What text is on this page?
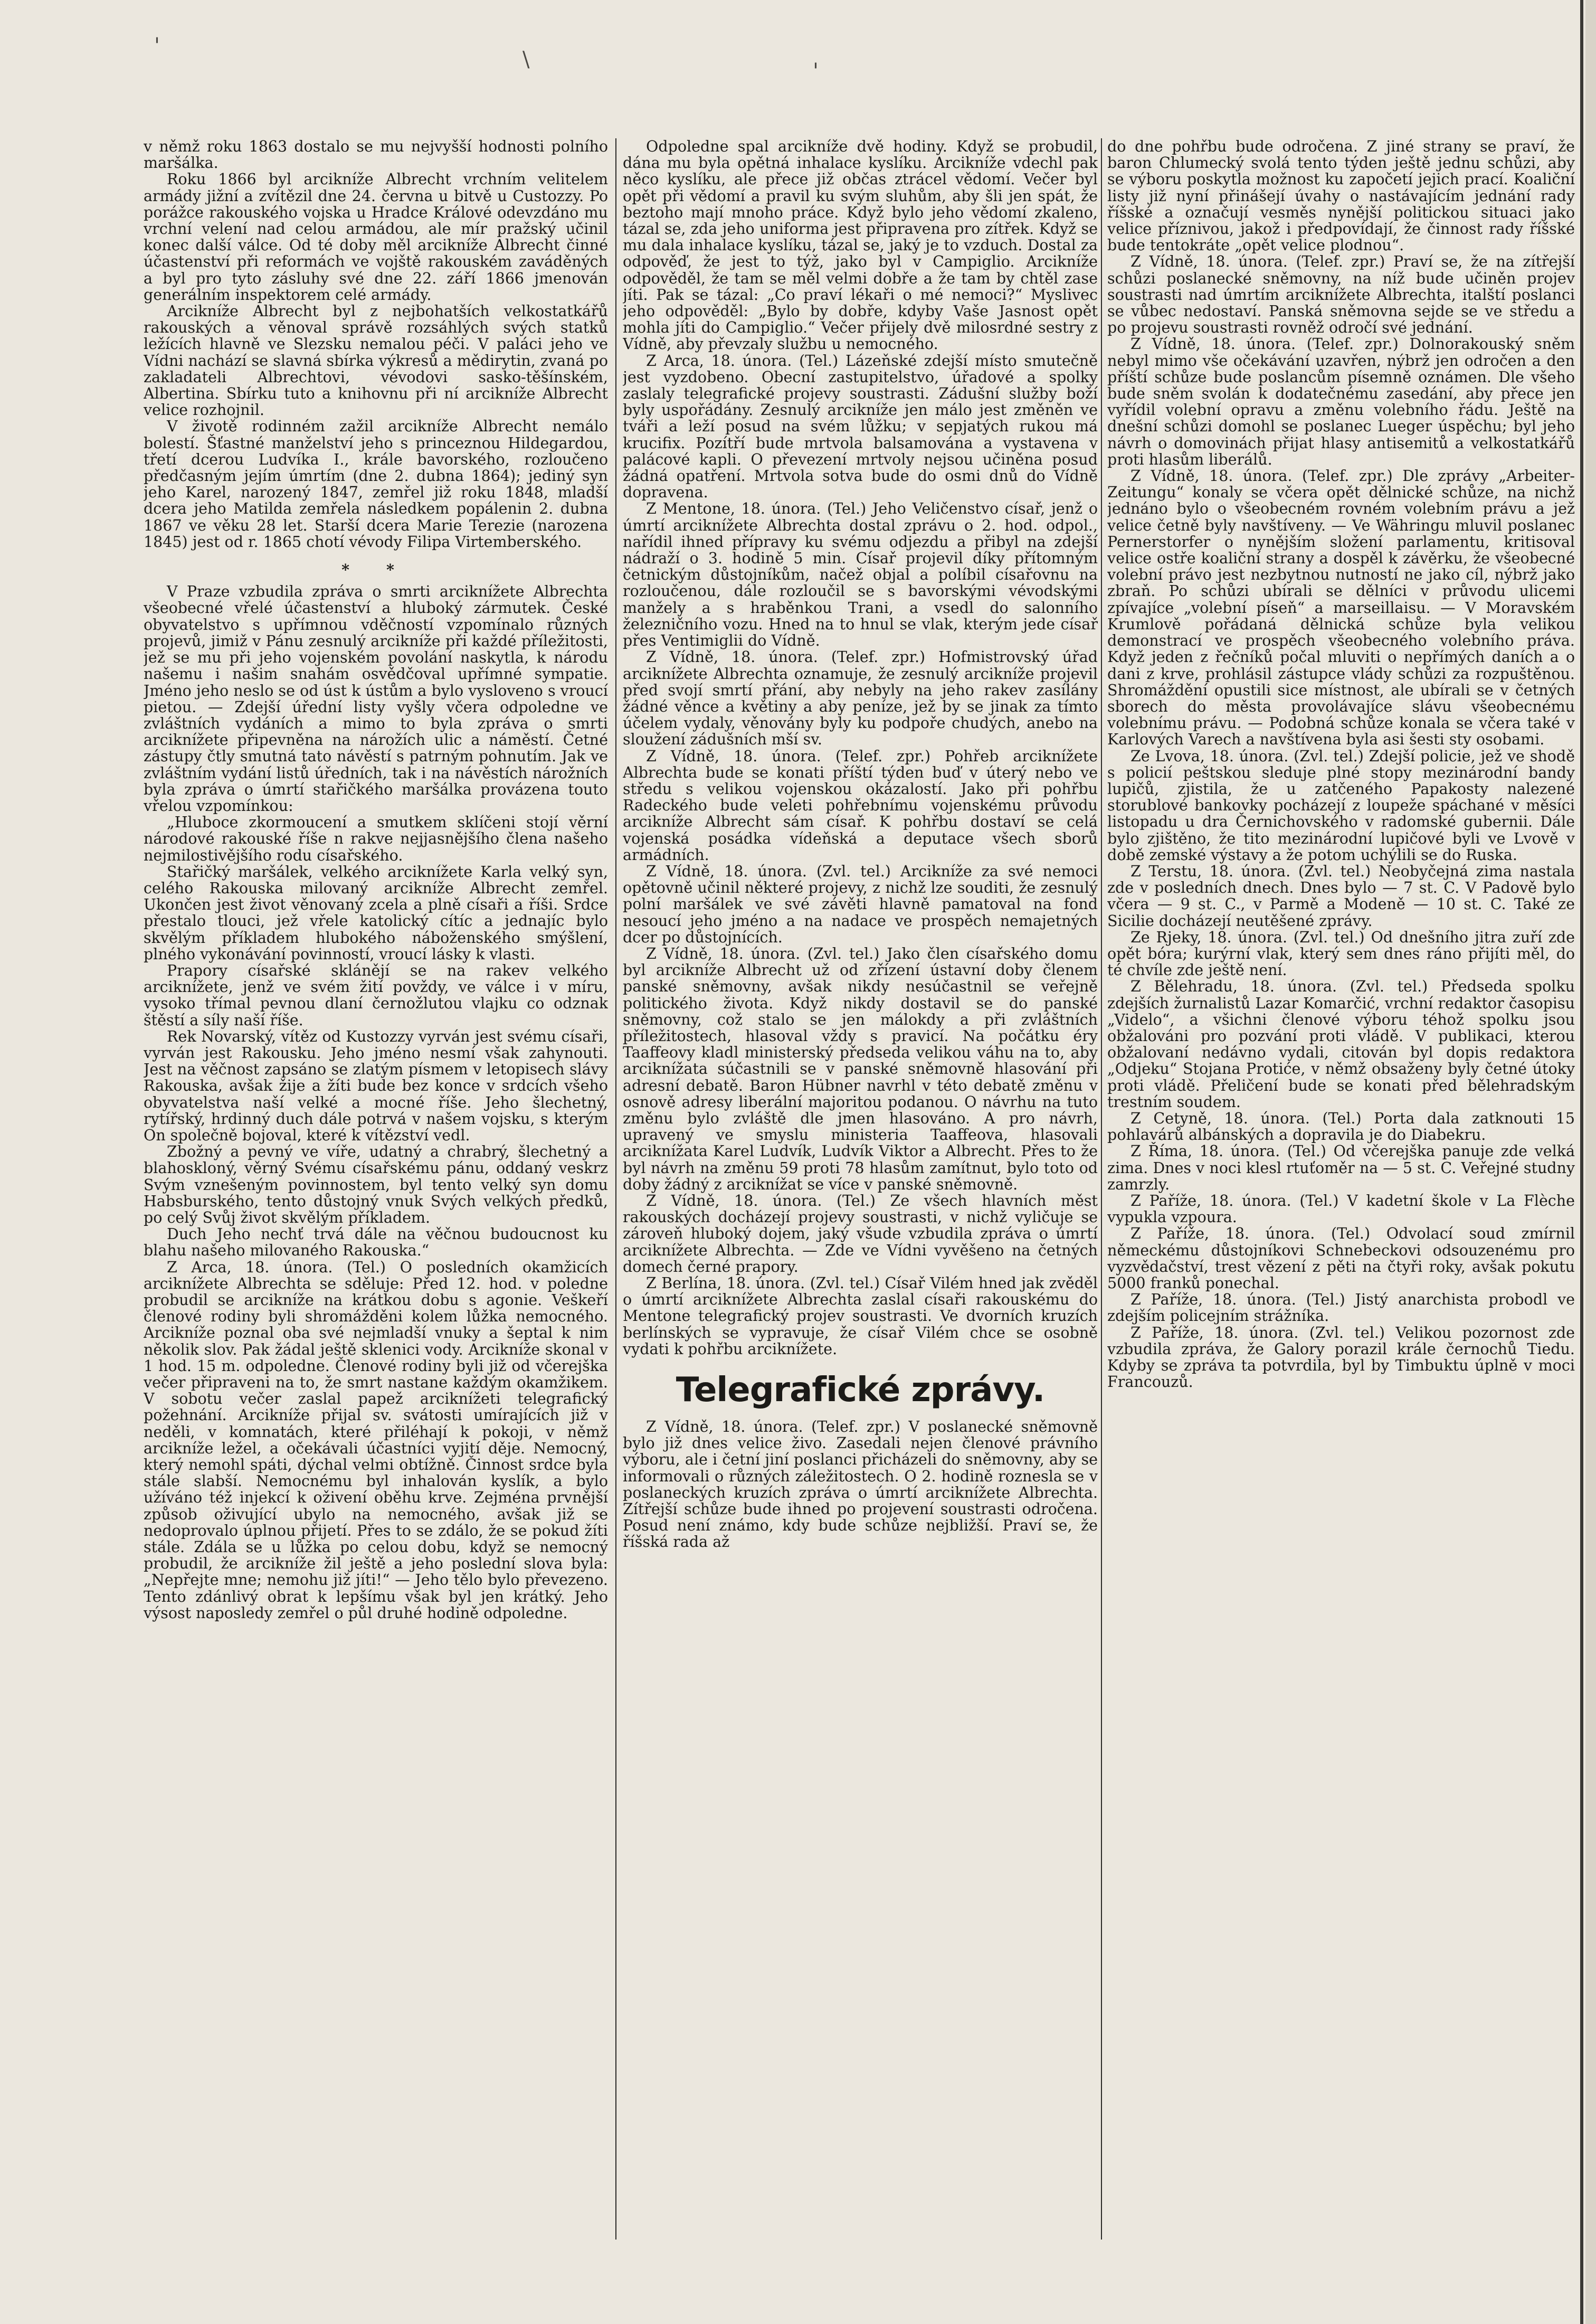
'
\	'

v němž roku 1863 dostalo se mu nejvyšší hodnosti polního maršálka.

Roku 1866 byl arcikníže Albrecht vrchním velitelem armády jižní a zvítězil dne 24. června u bitvě u Custozzy. Po porážce rakouského vojska u Hradce Králové odevzdáno mu vrchní velení nad celou armádou, ale mír pražský učinil konec další válce. Od té doby měl arcikníže Albrecht činné účastenství při reformách ve vojště rakouském zaváděných a byl pro tyto zásluhy své dne 22. září 1866 jmenován generálním inspektorem celé armády.

Arcikníže Albrecht byl z nejbohatších velkostatkářů rakouských a věnoval správě rozsáhlých svých statků ležících hlavně ve Slezsku nemalou péči. V paláci jeho ve Vídni nachází se slavná sbírka výkresů a mědirytin, zvaná po zakladateli Albrechtovi, vévodovi sasko-těšínském, Albertina. Sbírku tuto a knihovnu při ní arcikníže Albrecht velice rozhojnil.

V životě rodinném zažil arcikníže Albrecht nemálo bolestí. Šťastné manželství jeho s princeznou Hildegardou, třetí dcerou Ludvíka I., krále bavorského, rozloučeno předčasným jejím úmrtím (dne 2. dubna 1864); jediný syn jeho Karel, narozený 1847, zemřel již roku 1848, mladší dcera jeho Matilda zemřela následkem popálenin 2. dubna 1867 ve věku 28 let. Starší dcera Marie Terezie (narozena 1845) jest od r. 1865 chotí vévody Filipa Virtemberského.

* *

V Praze vzbudila zpráva o smrti arciknížete Albrechta všeobecné vřelé účastenství a hluboký zármutek. České obyvatelstvo s upřímnou vděčností vzpomínalo různých projevů, jimiž v Pánu zesnulý arcikníže při každé příležitosti, jež se mu při jeho vojenském povolání naskytla, k národu našemu i našim snahám osvědčoval upřímné sympatie. Jméno jeho neslo se od úst k ústům a bylo vysloveno s vroucí pietou. — Zdejší úřední listy vyšly včera odpoledne ve zvláštních vydáních a mimo to byla zpráva o smrti arciknížete připevněna na nárožích ulic a náměstí. Četné zástupy čtly smutná tato návěstí s patrným pohnutím. Jak ve zvláštním vydání listů úředních, tak i na návěstích nárožních byla zpráva o úmrtí stařičkého maršálka provázena touto vřelou vzpomínkou:

„Hluboce zkormoucení a smutkem sklíčeni stojí věrní národové rakouské říše n rakve nejjasnějšího člena našeho nejmilostivějšího rodu císařského.

Stařičký maršálek, velkého arciknížete Karla velký syn, celého Rakouska milovaný arcikníže Albrecht zemřel. Ukončen jest život věnovaný zcela a plně císaři a říši. Srdce přestalo tlouci, jež vřele katolický cítíc a jednajíc bylo skvělým příkladem hlubokého náboženského smýšlení, plného vykonávání povinností, vroucí lásky k vlasti.

Prapory císařské sklánějí se na rakev velkého arciknížete, jenž ve svém žití povždy, ve válce i v míru, vysoko třímal pevnou dlaní černožlutou vlajku co odznak štěstí a síly naší říše.

Rek Novarský, vítěz od Kustozzy vyrván jest svému císaři, vyrván jest Rakousku. Jeho jméno nesmí však zahynouti. Jest na věčnost zapsáno se zlatým písmem v letopisech slávy Rakouska, avšak žije a žíti bude bez konce v srdcích všeho obyvatelstva naší velké a mocné říše. Jeho šlechetný, rytířský, hrdinný duch dále potrvá v našem vojsku, s kterým On společně bojoval, které k vítězství vedl.

Zbožný a pevný ve víře, udatný a chrabrý, šlechetný a blahoskloný, věrný Svému císařskému pánu, oddaný veskrz Svým vznešeným povinnostem, byl tento velký syn domu Habsburského, tento důstojný vnuk Svých velkých předků, po celý Svůj život skvělým příkladem.

Duch Jeho nechť trvá dále na věčnou budoucnost ku blahu našeho milovaného Rakouska.“

Z Arca, 18. února. (Tel.) O posledních okamžicích arciknížete Albrechta se sděluje: Před 12. hod. v poledne probudil se arcikníže na krátkou dobu s agonie. Veškeří členové rodiny byli shromážděni kolem lůžka nemocného. Arcikníže poznal oba své nejmladší vnuky a šeptal k nim několik slov. Pak žádal ještě sklenici vody. Arcikníže skonal v 1 hod. 15 m. odpoledne. Členové rodiny byli již od včerejška večer připraveni na to, že smrt nastane každým okamžikem. V sobotu večer zaslal papež arciknížeti telegrafický požehnání. Arcikníže přijal sv. svátosti umírajících již v neděli, v komnatách, které přiléhají k pokoji, v němž arcikníže ležel, a očekávali účastníci vyjití děje. Nemocný, který nemohl spáti, dýchal velmi obtížně. Činnost srdce byla stále slabší. Nemocnému byl inhalován kyslík, a bylo užíváno též injekcí k oživení oběhu krve. Zejména prvnější způsob oživující ubylo na nemocného, avšak již se nedoprovalo úplnou přijetí. Přes to se zdálo, že se pokud žíti stále. Zdála se u lůžka po celou dobu, když se nemocný probudil, že arcikníže žil ještě a jeho poslední slova byla: „Nepřejte mne; nemohu již jíti!“ — Jeho tělo bylo převezeno. Tento zdánlivý obrat k lepšímu však byl jen krátký. Jeho výsost naposledy zemřel o půl druhé hodině odpoledne.

Odpoledne spal arcikníže dvě hodiny. Když se probudil, dána mu byla opětná inhalace kyslíku. Arcikníže vdechl pak něco kyslíku, ale přece již občas ztrácel vědomí. Večer byl opět při vědomí a pravil ku svým sluhům, aby šli jen spát, že beztoho mají mnoho práce. Když bylo jeho vědomí zkaleno, tázal se, zda jeho uniforma jest připravena pro zítřek. Když se mu dala inhalace kyslíku, tázal se, jaký je to vzduch. Dostal za odpověď, že jest to týž, jako byl v Campiglio. Arcikníže odpověděl, že tam se měl velmi dobře a že tam by chtěl zase jíti. Pak se tázal: „Co praví lékaři o mé nemoci?“ Myslivec jeho odpověděl: „Bylo by dobře, kdyby Vaše Jasnost opět mohla jíti do Campiglio.“ Večer přijely dvě milosrdné sestry z Vídně, aby převzaly službu u nemocného.

Z Arca, 18. února. (Tel.) Lázeňské zdejší místo smutečně jest vyzdobeno. Obecní zastupitelstvo, úřadové a spolky zaslaly telegrafické projevy soustrasti. Zádušní služby boží byly uspořádány. Zesnulý arcikníže jen málo jest změněn ve tváři a leží posud na svém lůžku; v sepjatých rukou má krucifix. Pozítří bude mrtvola balsamována a vystavena v palácové kapli. O převezení mrtvoly nejsou učiněna posud žádná opatření. Mrtvola sotva bude do osmi dnů do Vídně dopravena.

Z Mentone, 18. února. (Tel.) Jeho Veličenstvo císař, jenž o úmrtí arciknížete Albrechta dostal zprávu o 2. hod. odpol., nařídil ihned přípravy ku svému odjezdu a přibyl na zdejší nádraží o 3. hodině 5 min. Císař projevil díky přítomným četnickým důstojníkům, načež objal a políbil císařovnu na rozloučenou, dále rozloučil se s bavorskými vévodskými manžely a s hraběnkou Trani, a vsedl do salonního železničního vozu. Hned na to hnul se vlak, kterým jede císař přes Ventimiglii do Vídně.

Z Vídně, 18. února. (Telef. zpr.) Hofmistrovský úřad arciknížete Albrechta oznamuje, že zesnulý arcikníže projevil před svojí smrtí přání, aby nebyly na jeho rakev zasílány žádné věnce a květiny a aby peníze, jež by se jinak za tímto účelem vydaly, věnovány byly ku podpoře chudých, anebo na sloužení zádušních mší sv.

Z Vídně, 18. února. (Telef. zpr.) Pohřeb arciknížete Albrechta bude se konati příští týden buď v úterý nebo ve středu s velikou vojenskou okázalostí. Jako při pohřbu Radeckého bude veleti pohřebnímu vojenskému průvodu arcikníže Albrecht sám císař. K pohřbu dostaví se celá vojenská posádka vídeňská a deputace všech sborů armádních.

Z Vídně, 18. února. (Zvl. tel.) Arcikníže za své nemoci opětovně učinil některé projevy, z nichž lze souditi, že zesnulý polní maršálek ve své závěti hlavně pamatoval na fond nesoucí jeho jméno a na nadace ve prospěch nemajetných dcer po důstojnících.

Z Vídně, 18. února. (Zvl. tel.) Jako člen císařského domu byl arcikníže Albrecht už od zřízení ústavní doby členem panské sněmovny, avšak nikdy nesúčastnil se veřejně politického života. Když nikdy dostavil se do panské sněmovny, což stalo se jen málokdy a při zvláštních příležitostech, hlasoval vždy s pravicí. Na počátku éry Taaffeovy kladl ministerský předseda velikou váhu na to, aby arciknížata súčastnili se v panské sněmovně hlasování při adresní debatě. Baron Hübner navrhl v této debatě změnu v osnově adresy liberální majoritou podanou. O návrhu na tuto změnu bylo zvláště dle jmen hlasováno. A pro návrh, upravený ve smyslu ministeria Taaffeova, hlasovali arciknížata Karel Ludvík, Ludvík Viktor a Albrecht. Přes to že byl návrh na změnu 59 proti 78 hlasům zamítnut, bylo toto od doby žádný z arciknížat se více v panské sněmovně.

Z Vídně, 18. února. (Tel.) Ze všech hlavních měst rakouských docházejí projevy soustrasti, v nichž vyličuje se zároveň hluboký dojem, jaký všude vzbudila zpráva o úmrtí arciknížete Albrechta. — Zde ve Vídni vyvěšeno na četných domech černé prapory.

Z Berlína, 18. února. (Zvl. tel.) Císař Vilém hned jak zvěděl o úmrtí arciknížete Albrechta zaslal císaři rakouskému do Mentone telegrafický projev soustrasti. Ve dvorních kruzích berlínských se vypravuje, že císař Vilém chce se osobně vydati k pohřbu arciknížete.

Telegrafické zprávy.

Z Vídně, 18. února. (Telef. zpr.) V poslanecké sněmovně bylo již dnes velice živo. Zasedali nejen členové právního výboru, ale i četní jiní poslanci přicházeli do sněmovny, aby se informovali o různých záležitostech. O 2. hodině roznesla se v poslaneckých kruzích zpráva o úmrtí arciknížete Albrechta. Zítřejší schůze bude ihned po projevení soustrasti odročena. Posud není známo, kdy bude schůze nejbližší. Praví se, že říšská rada až

do dne pohřbu bude odročena. Z jiné strany se praví, že baron Chlumecký svolá tento týden ještě jednu schůzi, aby se výboru poskytla možnost ku započetí jejich prací. Koaliční listy již nyní přinášejí úvahy o nastávajícím jednání rady říšské a označují vesměs nynější politickou situaci jako velice příznivou, jakož i předpovídají, že činnost rady říšské bude tentokráte „opět velice plodnou“.

Z Vídně, 18. února. (Telef. zpr.) Praví se, že na zítřejší schůzi poslanecké sněmovny, na níž bude učiněn projev soustrasti nad úmrtím arciknížete Albrechta, italští poslanci se vůbec nedostaví. Panská sněmovna sejde se ve středu a po projevu soustrasti rovněž odročí své jednání.

Z Vídně, 18. února. (Telef. zpr.) Dolnorakouský sněm nebyl mimo vše očekávání uzavřen, nýbrž jen odročen a den příští schůze bude poslancům písemně oznámen. Dle všeho bude sněm svolán k dodatečnému zasedání, aby přece jen vyřídil volební opravu a změnu volebního řádu. Ještě na dnešní schůzi domohl se poslanec Lueger úspěchu; byl jeho návrh o domovinách přijat hlasy antisemitů a velkostatkářů proti hlasům liberálů.

Z Vídně, 18. února. (Telef. zpr.) Dle zprávy „Arbeiter-Zeitungu“ konaly se včera opět dělnické schůze, na nichž jednáno bylo o všeobecném rovném volebním právu a jež velice četně byly navštíveny. — Ve Währingu mluvil poslanec Pernerstorfer o nynějším složení parlamentu, kritisoval velice ostře koaliční strany a dospěl k závěrku, že všeobecné volební právo jest nezbytnou nutností ne jako cíl, nýbrž jako zbraň. Po schůzi ubírali se dělníci v průvodu ulicemi zpívajíce „volební píseň“ a marseillaisu. — V Moravském Krumlově pořádaná dělnická schůze byla velikou demonstrací ve prospěch všeobecného volebního práva. Když jeden z řečníků počal mluviti o nepřímých daních a o dani z krve, prohlásil zástupce vlády schůzi za rozpuštěnou. Shromáždění opustili sice místnost, ale ubírali se v četných sborech do města provolávajíce slávu všeobecnému volebnímu právu. — Podobná schůze konala se včera také v Karlových Varech a navštívena byla asi šesti sty osobami.

Ze Lvova, 18. února. (Zvl. tel.) Zdejší policie, jež ve shodě s policií peštskou sleduje plné stopy mezinárodní bandy lupičů, zjistila, že u zatčeného Papakosty nalezené storublové bankovky pocházejí z loupeže spáchané v měsíci listopadu u dra Černichovského v radomské gubernii. Dále bylo zjištěno, že tito mezinárodní lupičové byli ve Lvově v době zemské výstavy a že potom uchýlili se do Ruska.

Z Terstu, 18. února. (Zvl. tel.) Neobyčejná zima nastala zde v posledních dnech. Dnes bylo — 7 st. C. V Padově bylo včera — 9 st. C., v Parmě a Modeně — 10 st. C. Také ze Sicilie docházejí neutěšené zprávy.

Ze Rjeky, 18. února. (Zvl. tel.) Od dnešního jitra zuří zde opět bóra; kurýrní vlak, který sem dnes ráno přijíti měl, do té chvíle zde ještě není.

Z Bělehradu, 18. února. (Zvl. tel.) Předseda spolku zdejších žurnalistů Lazar Komarčić, vrchní redaktor časopisu „Videlo“, a všichni členové výboru téhož spolku jsou obžalováni pro pozvání proti vládě. V publikaci, kterou obžalovaní nedávno vydali, citován byl dopis redaktora „Odjeku“ Stojana Protiće, v němž obsaženy byly četné útoky proti vládě. Přeličení bude se konati před bělehradským trestním soudem.

Z Cetyně, 18. února. (Tel.) Porta dala zatknouti 15 pohlavárů albánských a dopravila je do Diabekru.

Z Říma, 18. února. (Tel.) Od včerejška panuje zde velká zima. Dnes v noci klesl rtuťoměr na — 5 st. C. Veřejné studny zamrzly.

Z Paříže, 18. února. (Tel.) V kadetní škole v La Flèche vypukla vzpoura.

Z Paříže, 18. února. (Tel.) Odvolací soud zmírnil německému důstojníkovi Schnebeckovi odsouzenému pro vyzvědačství, trest vězení z pěti na čtyři roky, avšak pokutu 5000 franků ponechal.

Z Paříže, 18. února. (Tel.) Jistý anarchista probodl ve zdejším policejním strážníka.

Z Paříže, 18. února. (Zvl. tel.) Velikou pozornost zde vzbudila zpráva, že Galory porazil krále černochů Tiedu. Kdyby se zpráva ta potvrdila, byl by Timbuktu úplně v moci Francouzů.
